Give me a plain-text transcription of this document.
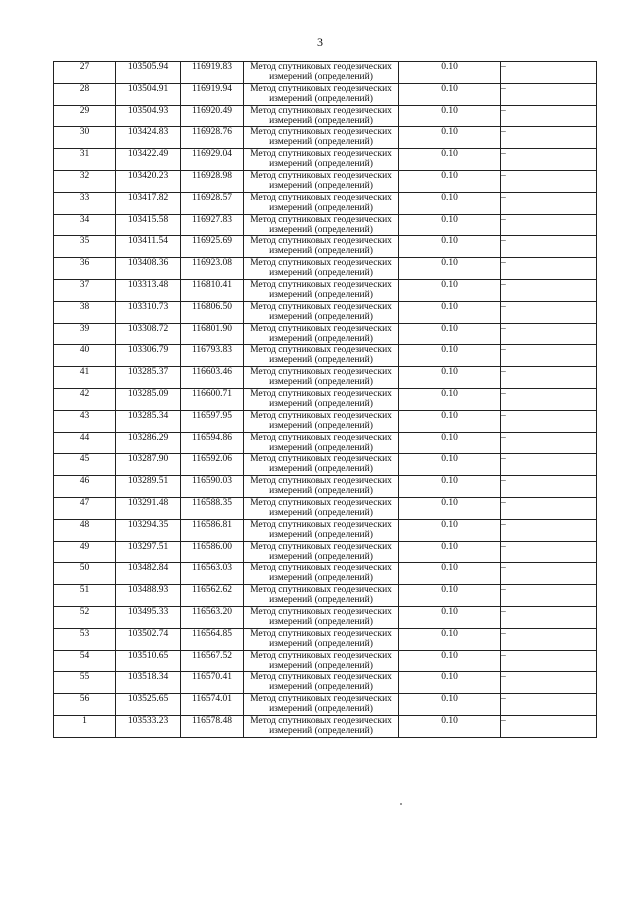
3
27	103505.94	116919.83	Метод спутниковых геодезических измерений (определений)	0.10	–
28	103504.91	116919.94	Метод спутниковых геодезических измерений (определений)	0.10	–
29	103504.93	116920.49	Метод спутниковых геодезических измерений (определений)	0.10	–
30	103424.83	116928.76	Метод спутниковых геодезических измерений (определений)	0.10	–
31	103422.49	116929.04	Метод спутниковых геодезических измерений (определений)	0.10	–
32	103420.23	116928.98	Метод спутниковых геодезических измерений (определений)	0.10	–
33	103417.82	116928.57	Метод спутниковых геодезических измерений (определений)	0.10	–
34	103415.58	116927.83	Метод спутниковых геодезических измерений (определений)	0.10	–
35	103411.54	116925.69	Метод спутниковых геодезических измерений (определений)	0.10	–
36	103408.36	116923.08	Метод спутниковых геодезических измерений (определений)	0.10	–
37	103313.48	116810.41	Метод спутниковых геодезических измерений (определений)	0.10	–
38	103310.73	116806.50	Метод спутниковых геодезических измерений (определений)	0.10	–
39	103308.72	116801.90	Метод спутниковых геодезических измерений (определений)	0.10	–
40	103306.79	116793.83	Метод спутниковых геодезических измерений (определений)	0.10	–
41	103285.37	116603.46	Метод спутниковых геодезических измерений (определений)	0.10	–
42	103285.09	116600.71	Метод спутниковых геодезических измерений (определений)	0.10	–
43	103285.34	116597.95	Метод спутниковых геодезических измерений (определений)	0.10	–
44	103286.29	116594.86	Метод спутниковых геодезических измерений (определений)	0.10	–
45	103287.90	116592.06	Метод спутниковых геодезических измерений (определений)	0.10	–
46	103289.51	116590.03	Метод спутниковых геодезических измерений (определений)	0.10	–
47	103291.48	116588.35	Метод спутниковых геодезических измерений (определений)	0.10	–
48	103294.35	116586.81	Метод спутниковых геодезических измерений (определений)	0.10	–
49	103297.51	116586.00	Метод спутниковых геодезических измерений (определений)	0.10	–
50	103482.84	116563.03	Метод спутниковых геодезических измерений (определений)	0.10	–
51	103488.93	116562.62	Метод спутниковых геодезических измерений (определений)	0.10	–
52	103495.33	116563.20	Метод спутниковых геодезических измерений (определений)	0.10	–
53	103502.74	116564.85	Метод спутниковых геодезических измерений (определений)	0.10	–
54	103510.65	116567.52	Метод спутниковых геодезических измерений (определений)	0.10	–
55	103518.34	116570.41	Метод спутниковых геодезических измерений (определений)	0.10	–
56	103525.65	116574.01	Метод спутниковых геодезических измерений (определений)	0.10	–
1	103533.23	116578.48	Метод спутниковых геодезических измерений (определений)	0.10	–
